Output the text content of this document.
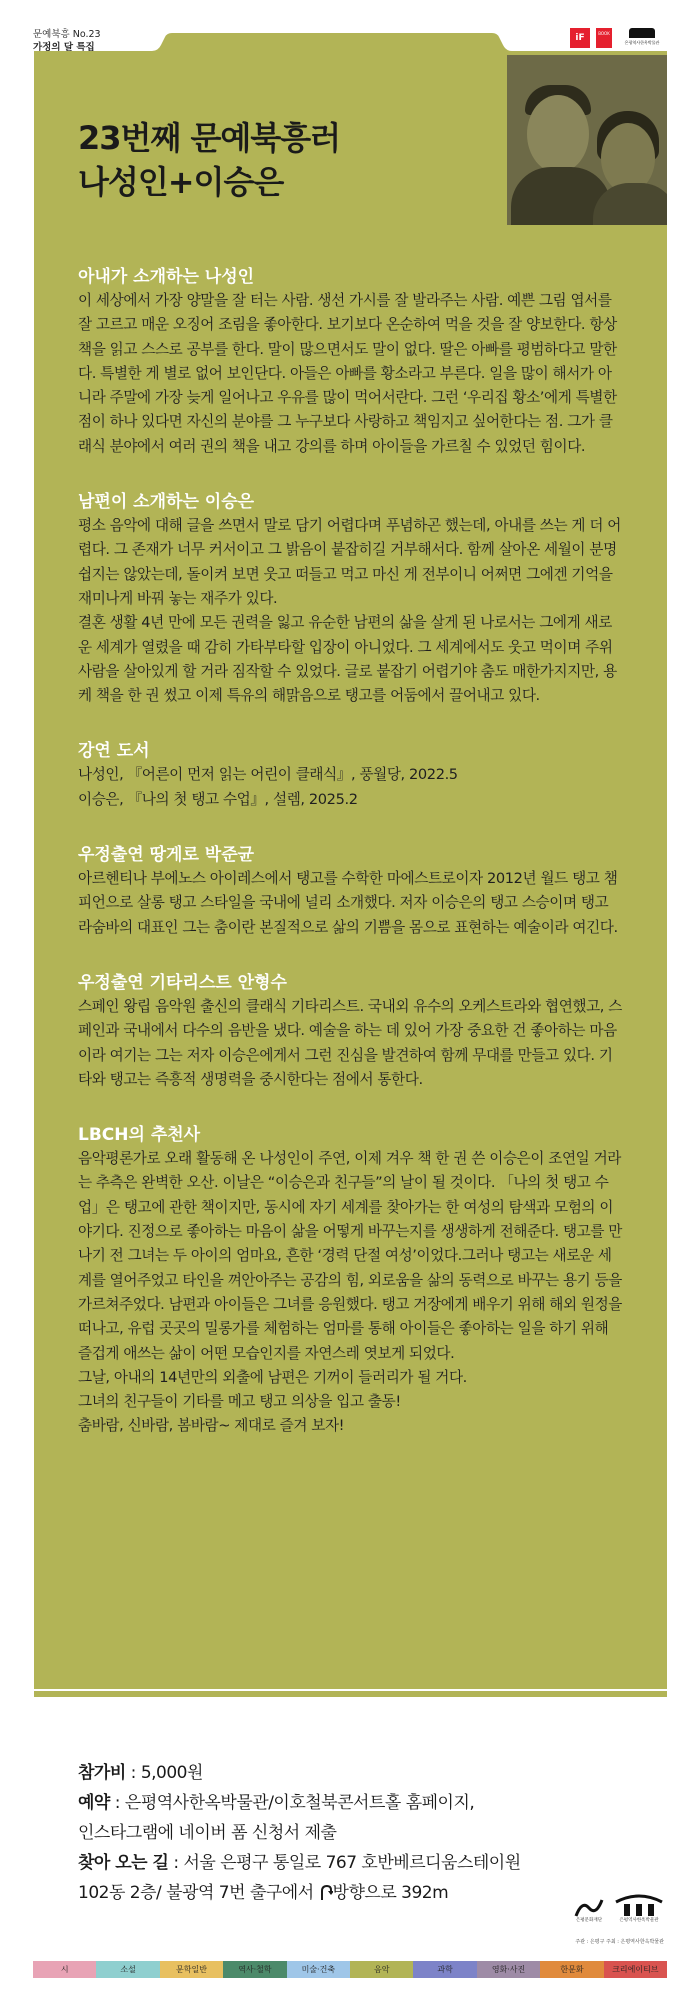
문예북흥 No.23
가정의 달 특집
iF	BOOK
은평역사한옥박물관
23번째 문예북흥러
나성인+이승은
아내가 소개하는 나성인

이 세상에서 가장 양말을 잘 터는 사람. 생선 가시를 잘 발라주는 사람. 예쁜 그림 엽서를 잘 고르고 매운 오징어 조림을 좋아한다. 보기보다 온순하여 먹을 것을 잘 양보한다. 항상 책을 읽고 스스로 공부를 한다. 말이 많으면서도 말이 없다. 딸은 아빠를 평범하다고 말한다. 특별한 게 별로 없어 보인단다. 아들은 아빠를 황소라고 부른다. 일을 많이 해서가 아니라 주말에 가장 늦게 일어나고 우유를 많이 먹어서란다. 그런 ‘우리집 황소’에게 특별한 점이 하나 있다면 자신의 분야를 그 누구보다 사랑하고 책임지고 싶어한다는 점. 그가 클래식 분야에서 여러 권의 책을 내고 강의를 하며 아이들을 가르칠 수 있었던 힘이다.

남편이 소개하는 이승은

평소 음악에 대해 글을 쓰면서 말로 담기 어렵다며 푸념하곤 했는데, 아내를 쓰는 게 더 어렵다. 그 존재가 너무 커서이고 그 밝음이 붙잡히길 거부해서다. 함께 살아온 세월이 분명 쉽지는 않았는데, 돌이켜 보면 웃고 떠들고 먹고 마신 게 전부이니 어쩌면 그에겐 기억을 재미나게 바꿔 놓는 재주가 있다.

결혼 생활 4년 만에 모든 권력을 잃고 유순한 남편의 삶을 살게 된 나로서는 그에게 새로운 세계가 열렸을 때 감히 가타부타할 입장이 아니었다. 그 세계에서도 웃고 먹이며 주위 사람을 살아있게 할 거라 짐작할 수 있었다. 글로 붙잡기 어렵기야 춤도 매한가지지만, 용케 책을 한 권 썼고 이제 특유의 해맑음으로 탱고를 어둠에서 끌어내고 있다.

강연 도서

나성인, 『어른이 먼저 읽는 어린이 클래식』, 풍월당, 2022.5

이승은, 『나의 첫 탱고 수업』, 설렘, 2025.2

우정출연 땅게로 박준균

아르헨티나 부에노스 아이레스에서 탱고를 수학한 마에스트로이자 2012년 월드 탱고 챔피언으로 살롱 탱고 스타일을 국내에 널리 소개했다. 저자 이승은의 탱고 스승이며 탱고 라숨바의 대표인 그는 춤이란 본질적으로 삶의 기쁨을 몸으로 표현하는 예술이라 여긴다.

우정출연 기타리스트 안형수

스페인 왕립 음악원 출신의 클래식 기타리스트. 국내외 유수의 오케스트라와 협연했고, 스페인과 국내에서 다수의 음반을 냈다. 예술을 하는 데 있어 가장 중요한 건 좋아하는 마음이라 여기는 그는 저자 이승은에게서 그런 진심을 발견하여 함께 무대를 만들고 있다. 기타와 탱고는 즉흥적 생명력을 중시한다는 점에서 통한다.

LBCH의 추천사

음악평론가로 오래 활동해 온 나성인이 주연, 이제 겨우 책 한 권 쓴 이승은이 조연일 거라는 추측은 완벽한 오산. 이날은 “이승은과 친구들”의 날이 될 것이다. 「나의 첫 탱고 수업」은 탱고에 관한 책이지만, 동시에 자기 세계를 찾아가는 한 여성의 탐색과 모험의 이야기다. 진정으로 좋아하는 마음이 삶을 어떻게 바꾸는지를 생생하게 전해준다. 탱고를 만나기 전 그녀는 두 아이의 엄마요, 흔한 ‘경력 단절 여성’이었다.그러나 탱고는 새로운 세계를 열어주었고 타인을 껴안아주는 공감의 힘, 외로움을 삶의 동력으로 바꾸는 용기 등을 가르쳐주었다. 남편과 아이들은 그녀를 응원했다. 탱고 거장에게 배우기 위해 해외 원정을 떠나고, 유럽 곳곳의 밀롱가를 체험하는 엄마를 통해 아이들은 좋아하는 일을 하기 위해 즐겁게 애쓰는 삶이 어떤 모습인지를 자연스레 엿보게 되었다.

그날, 아내의 14년만의 외출에 남편은 기꺼이 들러리가 될 거다.

그녀의 친구들이 기타를 메고 탱고 의상을 입고 출동!

춤바람, 신바람, 봄바람~ 제대로 즐겨 보자!

참가예약 신청방법

참가비 : 5,000원

예약 : 은평역사한옥박물관/이호철북콘서트홀 홈페이지,

인스타그램에 네이버 폼 신청서 제출

찾아 오는 길 : 서울 은평구 통일로 767 호반베르디움스테이원

102동 2층/ 불광역 7번 출구에서 방향으로 392m

은평문화재단	은평역사한옥박물관
주관 : 은평구 주최 : 은평역사한옥박물관
시	소설	문학일반	역사·철학	미술·건축	음악	과학	영화·사진	한문화	크리에이티브
